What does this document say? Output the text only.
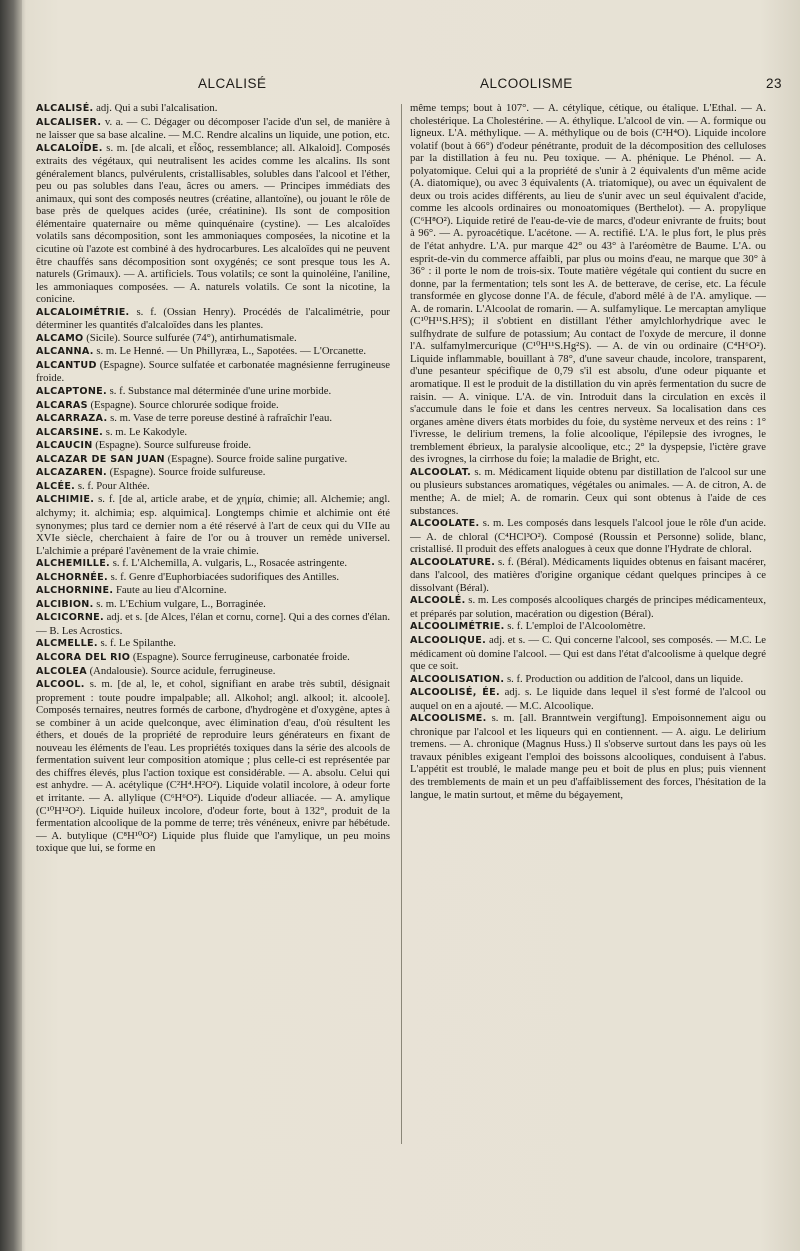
ALCALISÉ	ALCOOLISME	23

ALCALISÉ. adj. Qui a subi l'alcalisation.

ALCALISER. v. a. — C. Dégager ou décomposer l'acide d'un sel, de manière à ne laisser que sa base alcaline. — M.C. Rendre alcalins un liquide, une potion, etc.

ALCALOÏDE. s. m. [de alcali, et εἶδος, ressemblance; all. Alkaloid]. Composés extraits des végétaux, qui neutralisent les acides comme les alcalins. Ils sont généralement blancs, pulvérulents, cristallisables, solubles dans l'alcool et l'éther, peu ou pas solubles dans l'eau, âcres ou amers. — Principes immédiats des animaux, qui sont des composés neutres (créatine, allantoïne), ou jouant le rôle de base près de quelques acides (urée, créatinine). Ils sont de composition élémentaire quaternaire ou même quinquénaire (cystine). — Les alcaloïdes volatils sans décomposition, sont les ammoniaques composées, la nicotine et la cicutine où l'azote est combiné à des hydrocarbures. Les alcaloïdes qui ne peuvent être chauffés sans décomposition sont oxygénés; ce sont presque tous les A. naturels (Grimaux). — A. artificiels. Tous volatils; ce sont la quinoléine, l'aniline, les ammoniaques composées. — A. naturels volatils. Ce sont la nicotine, la conicine.

ALCALOIMÉTRIE. s. f. (Ossian Henry). Procédés de l'alcalimétrie, pour déterminer les quantités d'alcaloïdes dans les plantes.

ALCAMO (Sicile). Source sulfurée (74°), antirhumatismale.

ALCANNA. s. m. Le Henné. — Un Phillyræa, L., Sapotées. — L'Orcanette.

ALCANTUD (Espagne). Source sulfatée et carbonatée magnésienne ferrugineuse froide.

ALCAPTONE. s. f. Substance mal déterminée d'une urine morbide.

ALCARAS (Espagne). Source chlorurée sodique froide.

ALCARRAZA. s. m. Vase de terre poreuse destiné à rafraîchir l'eau.

ALCARSINE. s. m. Le Kakodyle.

ALCAUCIN (Espagne). Source sulfureuse froide.

ALCAZAR DE SAN JUAN (Espagne). Source froide saline purgative.

ALCAZAREN. (Espagne). Source froide sulfureuse.

ALCÉE. s. f. Pour Althée.

ALCHIMIE. s. f. [de al, article arabe, et de χημία, chimie; all. Alchemie; angl. alchymy; it. alchimia; esp. alquimica]. Longtemps chimie et alchimie ont été synonymes; plus tard ce dernier nom a été réservé à l'art de ceux qui du VIIe au XVIe siècle, cherchaient à faire de l'or ou à trouver un remède universel. L'alchimie a préparé l'avènement de la vraie chimie.

ALCHEMILLE. s. f. L'Alchemilla, A. vulgaris, L., Rosacée astringente.

ALCHORNÉE. s. f. Genre d'Euphorbiacées sudorifiques des Antilles.

ALCHORNINE. Faute au lieu d'Alcornine.

ALCIBION. s. m. L'Echium vulgare, L., Borraginée.

ALCICORNE. adj. et s. [de Alces, l'élan et cornu, corne]. Qui a des cornes d'élan. — B. Les Acrostics.

ALCMELLE. s. f. Le Spilanthe.

ALCORA DEL RIO (Espagne). Source ferrugineuse, carbonatée froide.

ALCOLEA (Andalousie). Source acidule, ferrugineuse.

ALCOOL. s. m. [de al, le, et cohol, signifiant en arabe très subtil, désignait proprement : toute poudre impalpable; all. Alkohol; angl. alkool; it. alcoole]. Composés ternaires, neutres formés de carbone, d'hydrogène et d'oxygène, aptes à se combiner à un acide quelconque, avec élimination d'eau, d'où résultent les éthers, et doués de la propriété de reproduire leurs générateurs en fixant de nouveau les éléments de l'eau. Les propriétés toxiques dans la série des alcools de fermentation suivent leur composition atomique ; plus celle-ci est représentée par des chiffres élevés, plus l'action toxique est considérable. — A. absolu. Celui qui est anhydre. — A. acétylique (C²H⁴.H²O²). Liquide volatil incolore, à odeur forte et irritante. — A. allylique (C⁶H⁶O²). Liquide d'odeur alliacée. — A. amylique (C¹⁰H¹²O²). Liquide huileux incolore, d'odeur forte, bout à 132°, produit de la fermentation alcoolique de la pomme de terre; très vénéneux, enivre par hébétude. — A. butylique (C⁸H¹⁰O²) Liquide plus fluide que l'amylique, un peu moins toxique que lui, se forme en

même temps; bout à 107°. — A. cétylique, cétique, ou étalique. L'Ethal. — A. cholestérique. La Cholestérine. — A. éthylique. L'alcool de vin. — A. formique ou ligneux. L'A. méthylique. — A. méthylique ou de bois (C²H⁴O). Liquide incolore volatif (bout à 66°) d'odeur pénétrante, produit de la décomposition des celluloses par la distillation à feu nu. Peu toxique. — A. phénique. Le Phénol. — A. polyatomique. Celui qui a la propriété de s'unir à 2 équivalents d'un même acide (A. diatomique), ou avec 3 équivalents (A. triatomique), ou avec un équivalent de deux ou trois acides différents, au lieu de s'unir avec un seul équivalent d'acide, comme les alcools ordinaires ou monoatomiques (Berthelot). — A. propylique (C⁶H⁸O²). Liquide retiré de l'eau-de-vie de marcs, d'odeur enivrante de fruits; bout à 96°. — A. pyroacétique. L'acétone. — A. rectifié. L'A. le plus fort, le plus près de l'état anhydre. L'A. pur marque 42° ou 43° à l'aréomètre de Baume. L'A. ou esprit-de-vin du commerce affaibli, par plus ou moins d'eau, ne marque que 30° à 36° : il porte le nom de trois-six. Toute matière végétale qui contient du sucre en donne, par la fermentation; tels sont les A. de betterave, de cerise, etc. La fécule transformée en glycose donne l'A. de fécule, d'abord mêlé à de l'A. amylique. — A. de romarin. L'Alcoolat de romarin. — A. sulfamylique. Le mercaptan amylique (C¹⁰H¹¹S.H²S); il s'obtient en distillant l'éther amylchlorhydrique avec le sulfhydrate de sulfure de potassium; Au contact de l'oxyde de mercure, il donne l'A. sulfamylmercurique (C¹⁰H¹¹S.Hg²S). — A. de vin ou ordinaire (C⁴H⁶O²). Liquide inflammable, bouillant à 78°, d'une saveur chaude, incolore, transparent, d'une pesanteur spécifique de 0,79 s'il est absolu, d'une odeur piquante et aromatique. Il est le produit de la distillation du vin après fermentation du sucre de raisin. — A. vinique. L'A. de vin. Introduit dans la circulation en excès il s'accumule dans le foie et dans les centres nerveux. Sa localisation dans ces organes amène divers états morbides du foie, du système nerveux et des reins : 1° l'ivresse, le delirium tremens, la folie alcoolique, l'épilepsie des ivrognes, le tremblement ébrieux, la paralysie alcoolique, etc.; 2° la dyspepsie, l'ictère grave des ivrognes, la cirrhose du foie; la maladie de Bright, etc.

ALCOOLAT. s. m. Médicament liquide obtenu par distillation de l'alcool sur une ou plusieurs substances aromatiques, végétales ou animales. — A. de citron, A. de menthe; A. de miel; A. de romarin. Ceux qui sont obtenus à l'aide de ces substances.

ALCOOLATE. s. m. Les composés dans lesquels l'alcool joue le rôle d'un acide. — A. de chloral (C⁴HCl³O²). Composé (Roussin et Personne) solide, blanc, cristallisé. Il produit des effets analogues à ceux que donne l'Hydrate de chloral.

ALCOOLATURE. s. f. (Béral). Médicaments liquides obtenus en faisant macérer, dans l'alcool, des matières d'origine organique cédant quelques principes à ce dissolvant (Béral).

ALCOOLÉ. s. m. Les composés alcooliques chargés de principes médicamenteux, et préparés par solution, macération ou digestion (Béral).

ALCOOLIMÉTRIE. s. f. L'emploi de l'Alcoolomètre.

ALCOOLIQUE. adj. et s. — C. Qui concerne l'alcool, ses composés. — M.C. Le médicament où domine l'alcool. — Qui est dans l'état d'alcoolisme à quelque degré que ce soit.

ALCOOLISATION. s. f. Production ou addition de l'alcool, dans un liquide.

ALCOOLISÉ, ÉE. adj. s. Le liquide dans lequel il s'est formé de l'alcool ou auquel on en a ajouté. — M.C. Alcoolique.

ALCOOLISME. s. m. [all. Branntwein vergiftung]. Empoisonnement aigu ou chronique par l'alcool et les liqueurs qui en contiennent. — A. aigu. Le delirium tremens. — A. chronique (Magnus Huss.) Il s'observe surtout dans les pays où les travaux pénibles exigeant l'emploi des boissons alcooliques, conduisent à l'abus. L'appétit est troublé, le malade mange peu et boit de plus en plus; puis viennent des tremblements de main et un peu d'affaiblissement des forces, l'hésitation de la langue, le matin surtout, et même du bégayement,
